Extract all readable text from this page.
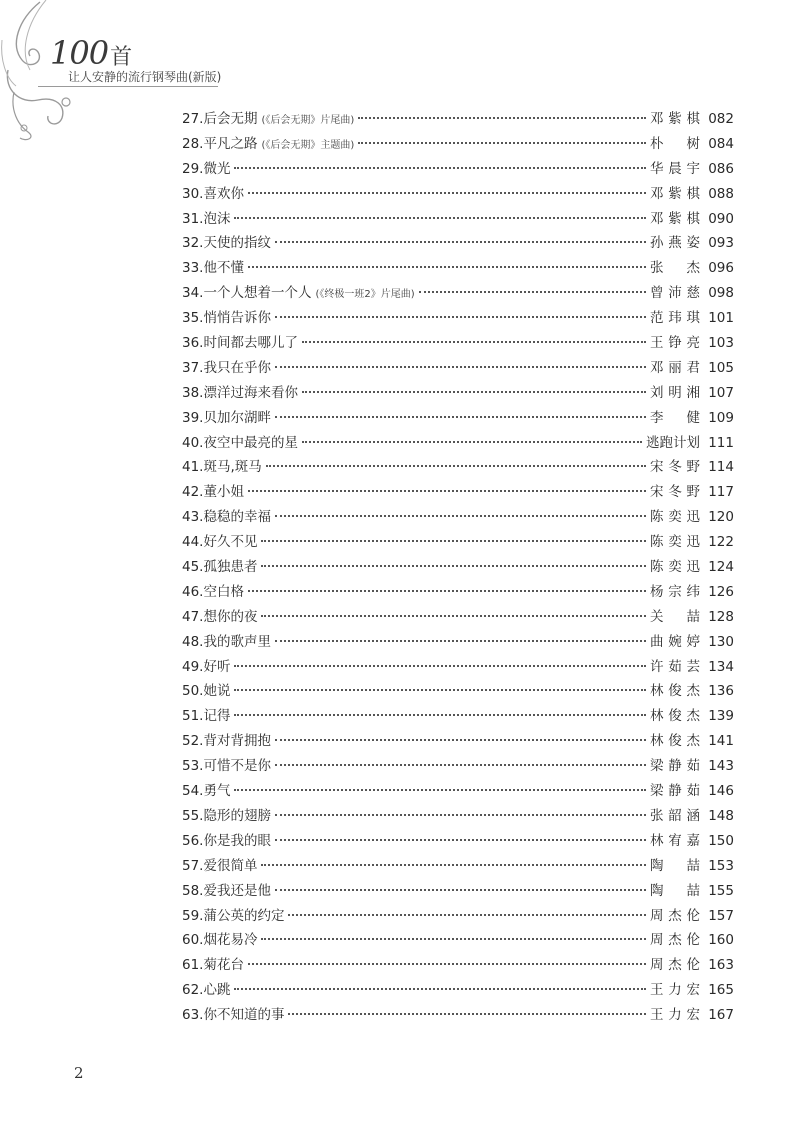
100首
让人安静的流行钢琴曲(新版)
27. 后会无期 (《后会无期》片尾曲)	邓紫棋 082
28. 平凡之路 (《后会无期》主题曲)	朴 树 084
29. 微光	华晨宇 086
30. 喜欢你	邓紫棋 088
31. 泡沫	邓紫棋 090
32. 天使的指纹	孙燕姿 093
33. 他不懂	张 杰 096
34. 一个人想着一个人 (《终极一班2》片尾曲)	曾沛慈 098
35. 悄悄告诉你	范玮琪 101
36. 时间都去哪儿了	王铮亮 103
37. 我只在乎你	邓丽君 105
38. 漂洋过海来看你	刘明湘 107
39. 贝加尔湖畔	李 健 109
40. 夜空中最亮的星	逃跑计划 111
41. 斑马,斑马	宋冬野 114
42. 董小姐	宋冬野 117
43. 稳稳的幸福	陈奕迅 120
44. 好久不见	陈奕迅 122
45. 孤独患者	陈奕迅 124
46. 空白格	杨宗纬 126
47. 想你的夜	关 喆 128
48. 我的歌声里	曲婉婷 130
49. 好听	许茹芸 134
50. 她说	林俊杰 136
51. 记得	林俊杰 139
52. 背对背拥抱	林俊杰 141
53. 可惜不是你	梁静茹 143
54. 勇气	梁静茹 146
55. 隐形的翅膀	张韶涵 148
56. 你是我的眼	林宥嘉 150
57. 爱很简单	陶 喆 153
58. 爱我还是他	陶 喆 155
59. 蒲公英的约定	周杰伦 157
60. 烟花易冷	周杰伦 160
61. 菊花台	周杰伦 163
62. 心跳	王力宏 165
63. 你不知道的事	王力宏 167
2
